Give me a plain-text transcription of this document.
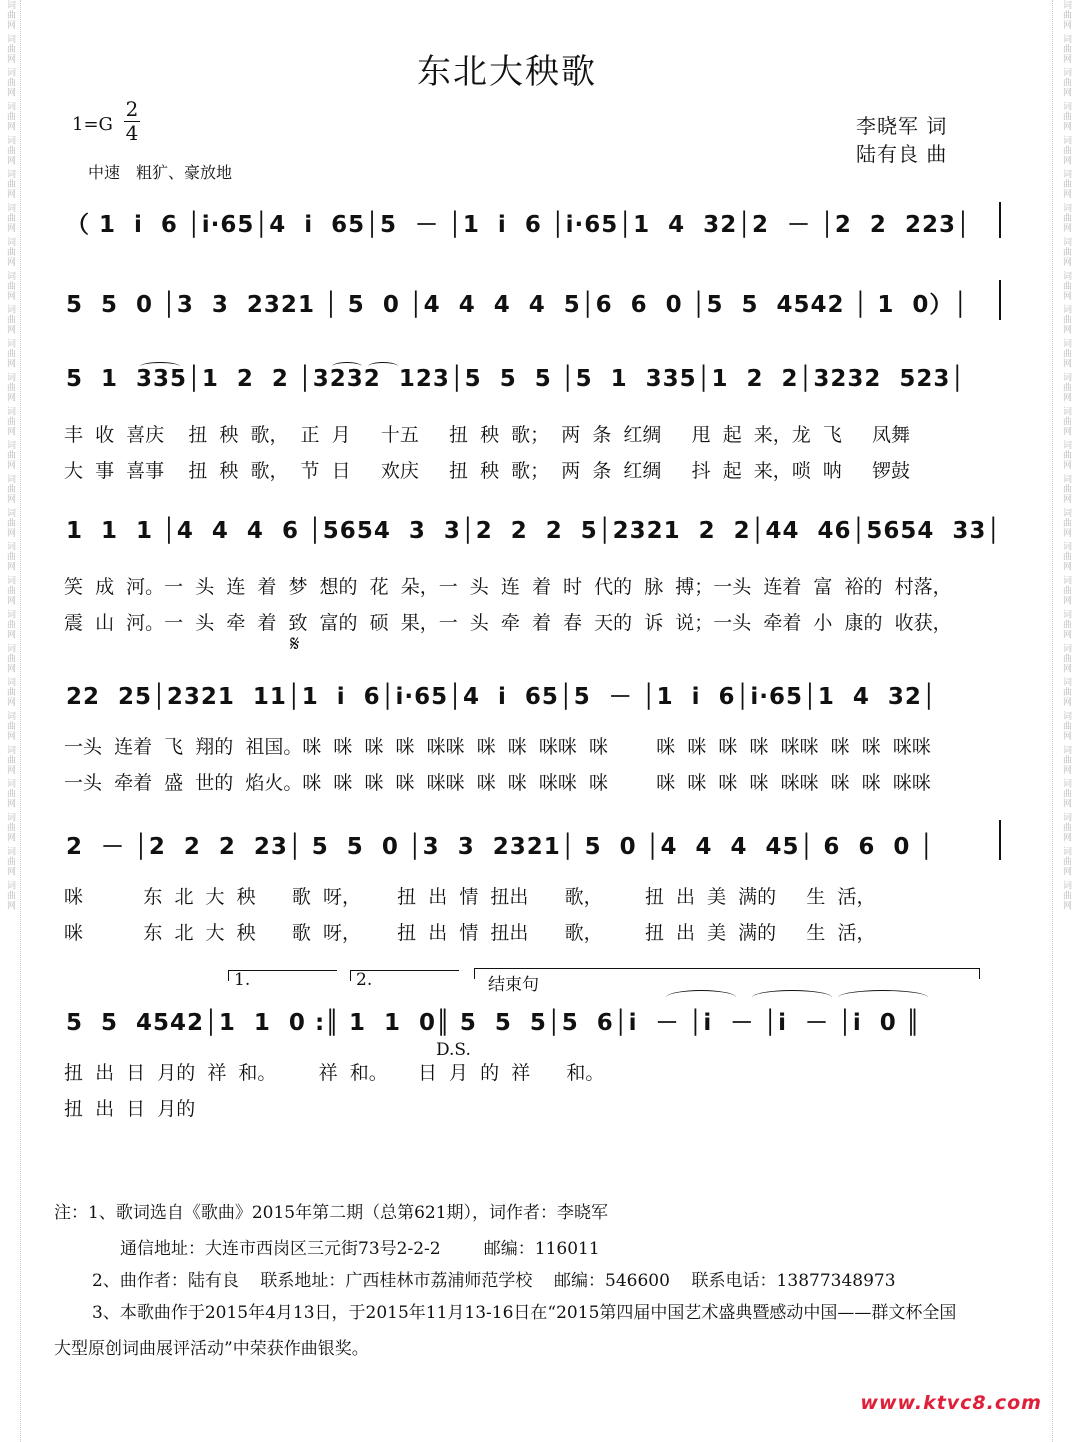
词曲网 词曲网 词曲网 词曲网 词曲网 词曲网 词曲网 词曲网 词曲网 词曲网 词曲网 词曲网 词曲网 词曲网 词曲网 词曲网 词曲网 词曲网 词曲网 词曲网 词曲网 词曲网 词曲网 词曲网 词曲网 词曲网 词曲网	词曲网 词曲网 词曲网 词曲网 词曲网 词曲网 词曲网 词曲网 词曲网 词曲网 词曲网 词曲网 词曲网 词曲网 词曲网 词曲网 词曲网 词曲网 词曲网 词曲网 词曲网 词曲网 词曲网 词曲网 词曲网 词曲网 词曲网
东北大秧歌
$1=G \frac{2}{4}$
中速　粗犷、豪放地
李晓军 词
陆有良 曲
（ 1  i  6 │i·65│4  i  65│5  － │1  i  6 │i·65│1  4  32│2  － │2  2  223│
5  5  0 │3  3  2321 │ 5  0 │4  4  4  4  5│6  6  0 │5  5  4542 │ 1  0）│
5  1  335│1  2  2 │3232  123│5  5  5 │5  1  335│1  2  2│3232  523│
丰  收  喜庆    扭  秧  歌，  正  月     十五     扭  秧  歌；  两  条  红绸     甩  起  来，龙  飞     凤舞
大  事  喜事    扭  秧  歌，  节  日     欢庆     扭  秧  歌；  两  条  红绸     抖  起  来，唢  呐     锣鼓
1  1  1 │4  4  4  6 │5654  3  3│2  2  2  5│2321  2  2│44  46│5654  33│
笑  成  河。一  头  连  着  梦  想的  花  朵，一  头  连  着  时  代的  脉  搏；一头  连着  富  裕的  村落，
震  山  河。一  头  牵  着  致  富的  硕  果，一  头  牵  着  春  天的  诉  说；一头  牵着  小  康的  收获，
𝄋
22  25│2321  11│1  i  6│i·65│4  i  65│5  － │1  i  6│i·65│1  4  32│
一头  连着  飞  翔的  祖国。咪  咪  咪  咪  咪咪  咪  咪  咪咪  咪        咪  咪  咪  咪  咪咪  咪  咪  咪咪
一头  牵着  盛  世的  焰火。咪  咪  咪  咪  咪咪  咪  咪  咪咪  咪        咪  咪  咪  咪  咪咪  咪  咪  咪咪
2  － │2  2  2  23│ 5  5  0 │3  3  2321│ 5  0 │4  4  4  45│ 6  6  0 │
咪          东  北  大  秧      歌  呀，      扭  出  情  扭出      歌，       扭  出  美  满的     生  活，
咪          东  北  大  秧      歌  呀，      扭  出  情  扭出      歌，       扭  出  美  满的     生  活，
1.	2.	结束句
5  5  4542│1  1  0 :║ 1  1  0║ 5  5  5│5  6│i  － │i  － │i  － │i  0 ║
D.S.
扭  出  日  月的  祥  和。       祥  和。     日  月  的  祥      和。
扭  出  日  月的
注：1、歌词选自《歌曲》2015年第二期（总第621期），词作者：李晓军
通信地址：大连市西岗区三元街73号2-2-2        邮编：116011
2、曲作者：陆有良    联系地址：广西桂林市荔浦师范学校    邮编：546600    联系电话：13877348973
3、本歌曲作于2015年4月13日，于2015年11月13-16日在“2015第四届中国艺术盛典暨感动中国——群文杯全国
大型原创词曲展评活动”中荣获作曲银奖。
www.ktvc8.com
